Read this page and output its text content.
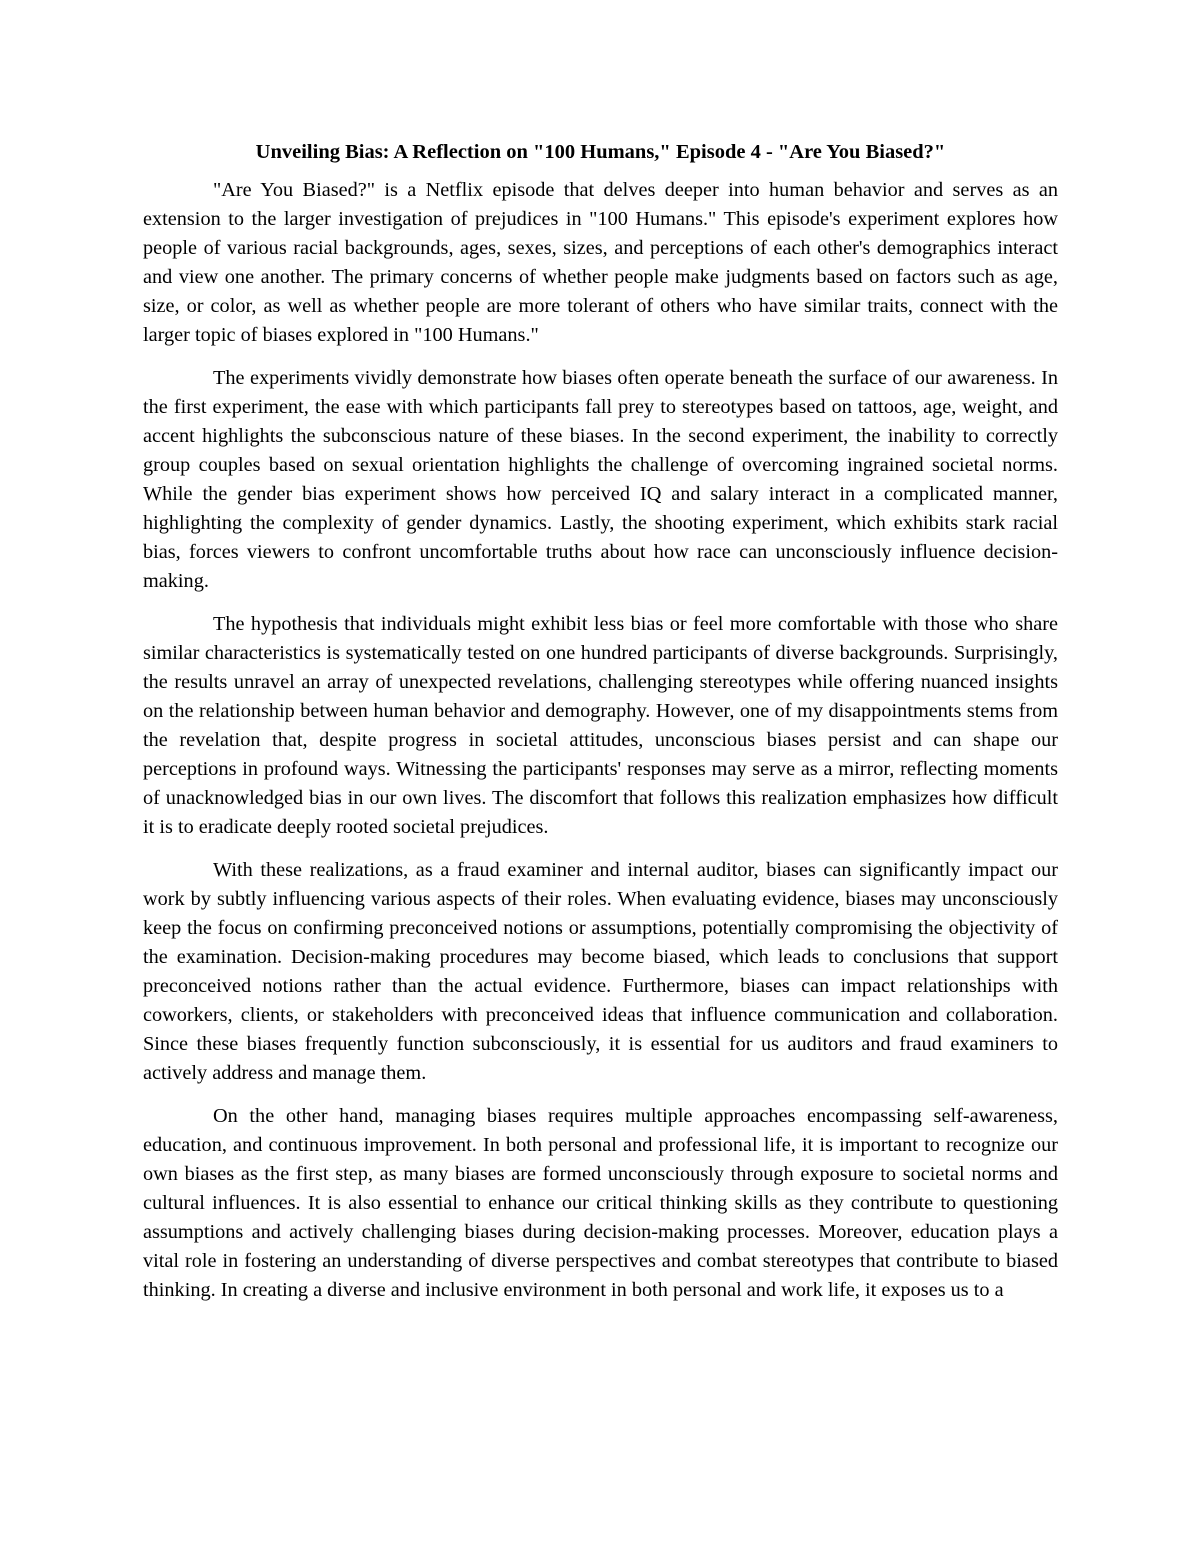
Unveiling Bias: A Reflection on "100 Humans," Episode 4 - "Are You Biased?"

"Are You Biased?" is a Netflix episode that delves deeper into human behavior and serves as an extension to the larger investigation of prejudices in "100 Humans." This episode's experiment explores how people of various racial backgrounds, ages, sexes, sizes, and perceptions of each other's demographics interact and view one another. The primary concerns of whether people make judgments based on factors such as age, size, or color, as well as whether people are more tolerant of others who have similar traits, connect with the larger topic of biases explored in "100 Humans."

The experiments vividly demonstrate how biases often operate beneath the surface of our awareness. In the first experiment, the ease with which participants fall prey to stereotypes based on tattoos, age, weight, and accent highlights the subconscious nature of these biases. In the second experiment, the inability to correctly group couples based on sexual orientation highlights the challenge of overcoming ingrained societal norms. While the gender bias experiment shows how perceived IQ and salary interact in a complicated manner, highlighting the complexity of gender dynamics. Lastly, the shooting experiment, which exhibits stark racial bias, forces viewers to confront uncomfortable truths about how race can unconsciously influence decision-making.

The hypothesis that individuals might exhibit less bias or feel more comfortable with those who share similar characteristics is systematically tested on one hundred participants of diverse backgrounds. Surprisingly, the results unravel an array of unexpected revelations, challenging stereotypes while offering nuanced insights on the relationship between human behavior and demography. However, one of my disappointments stems from the revelation that, despite progress in societal attitudes, unconscious biases persist and can shape our perceptions in profound ways. Witnessing the participants' responses may serve as a mirror, reflecting moments of unacknowledged bias in our own lives. The discomfort that follows this realization emphasizes how difficult it is to eradicate deeply rooted societal prejudices.

With these realizations, as a fraud examiner and internal auditor, biases can significantly impact our work by subtly influencing various aspects of their roles. When evaluating evidence, biases may unconsciously keep the focus on confirming preconceived notions or assumptions, potentially compromising the objectivity of the examination. Decision-making procedures may become biased, which leads to conclusions that support preconceived notions rather than the actual evidence. Furthermore, biases can impact relationships with coworkers, clients, or stakeholders with preconceived ideas that influence communication and collaboration. Since these biases frequently function subconsciously, it is essential for us auditors and fraud examiners to actively address and manage them.

On the other hand, managing biases requires multiple approaches encompassing self-awareness, education, and continuous improvement. In both personal and professional life, it is important to recognize our own biases as the first step, as many biases are formed unconsciously through exposure to societal norms and cultural influences. It is also essential to enhance our critical thinking skills as they contribute to questioning assumptions and actively challenging biases during decision-making processes. Moreover, education plays a vital role in fostering an understanding of diverse perspectives and combat stereotypes that contribute to biased thinking. In creating a diverse and inclusive environment in both personal and work life, it exposes us to a
